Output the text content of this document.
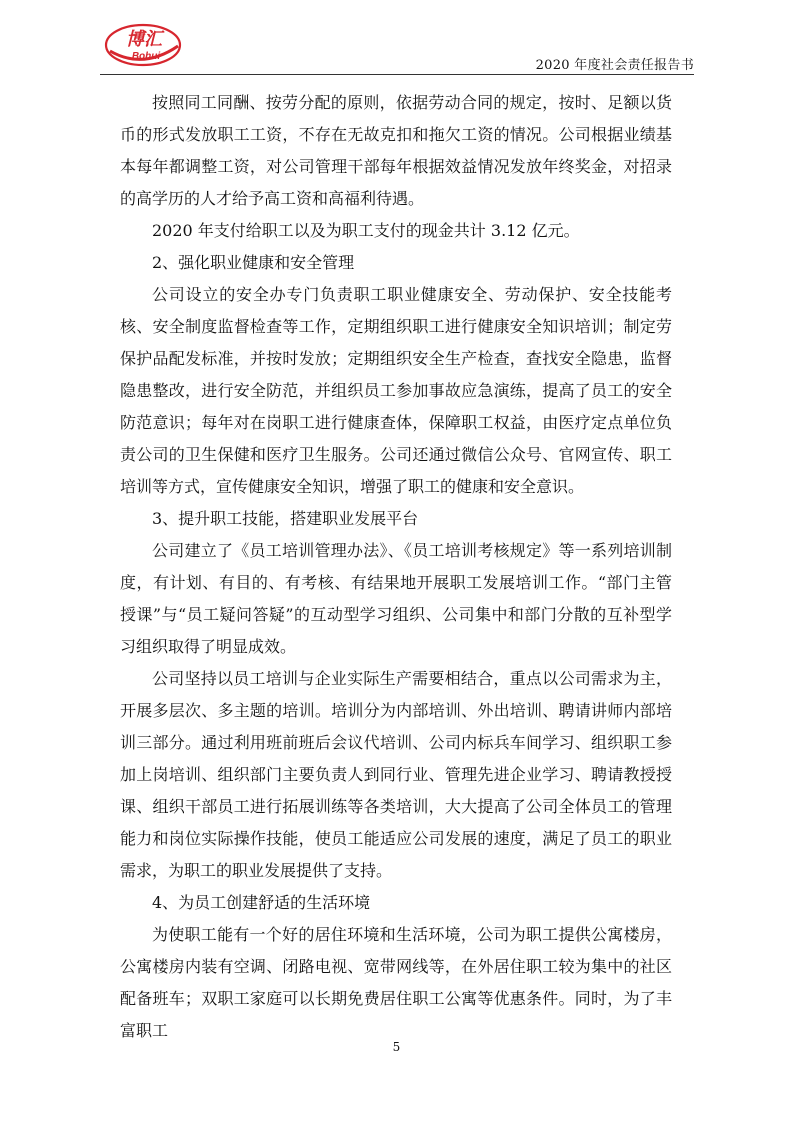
博汇
Bohui
2020 年度社会责任报告书

按照同工同酬、按劳分配的原则，依据劳动合同的规定，按时、足额以货币的形式发放职工工资，不存在无故克扣和拖欠工资的情况。公司根据业绩基本每年都调整工资，对公司管理干部每年根据效益情况发放年终奖金，对招录的高学历的人才给予高工资和高福利待遇。

2020 年支付给职工以及为职工支付的现金共计 3.12 亿元。

2、强化职业健康和安全管理

公司设立的安全办专门负责职工职业健康安全、劳动保护、安全技能考核、安全制度监督检查等工作，定期组织职工进行健康安全知识培训；制定劳保护品配发标准，并按时发放；定期组织安全生产检查，查找安全隐患，监督隐患整改，进行安全防范，并组织员工参加事故应急演练，提高了员工的安全防范意识；每年对在岗职工进行健康查体，保障职工权益，由医疗定点单位负责公司的卫生保健和医疗卫生服务。公司还通过微信公众号、官网宣传、职工培训等方式，宣传健康安全知识，增强了职工的健康和安全意识。

3、提升职工技能，搭建职业发展平台

公司建立了《员工培训管理办法》、《员工培训考核规定》等一系列培训制度，有计划、有目的、有考核、有结果地开展职工发展培训工作。“部门主管授课”与“员工疑问答疑”的互动型学习组织、公司集中和部门分散的互补型学习组织取得了明显成效。

公司坚持以员工培训与企业实际生产需要相结合，重点以公司需求为主，开展多层次、多主题的培训。培训分为内部培训、外出培训、聘请讲师内部培训三部分。通过利用班前班后会议代培训、公司内标兵车间学习、组织职工参加上岗培训、组织部门主要负责人到同行业、管理先进企业学习、聘请教授授课、组织干部员工进行拓展训练等各类培训，大大提高了公司全体员工的管理能力和岗位实际操作技能，使员工能适应公司发展的速度，满足了员工的职业需求，为职工的职业发展提供了支持。

4、为员工创建舒适的生活环境

为使职工能有一个好的居住环境和生活环境，公司为职工提供公寓楼房，公寓楼房内装有空调、闭路电视、宽带网线等，在外居住职工较为集中的社区配备班车；双职工家庭可以长期免费居住职工公寓等优惠条件。同时，为了丰富职工

5
